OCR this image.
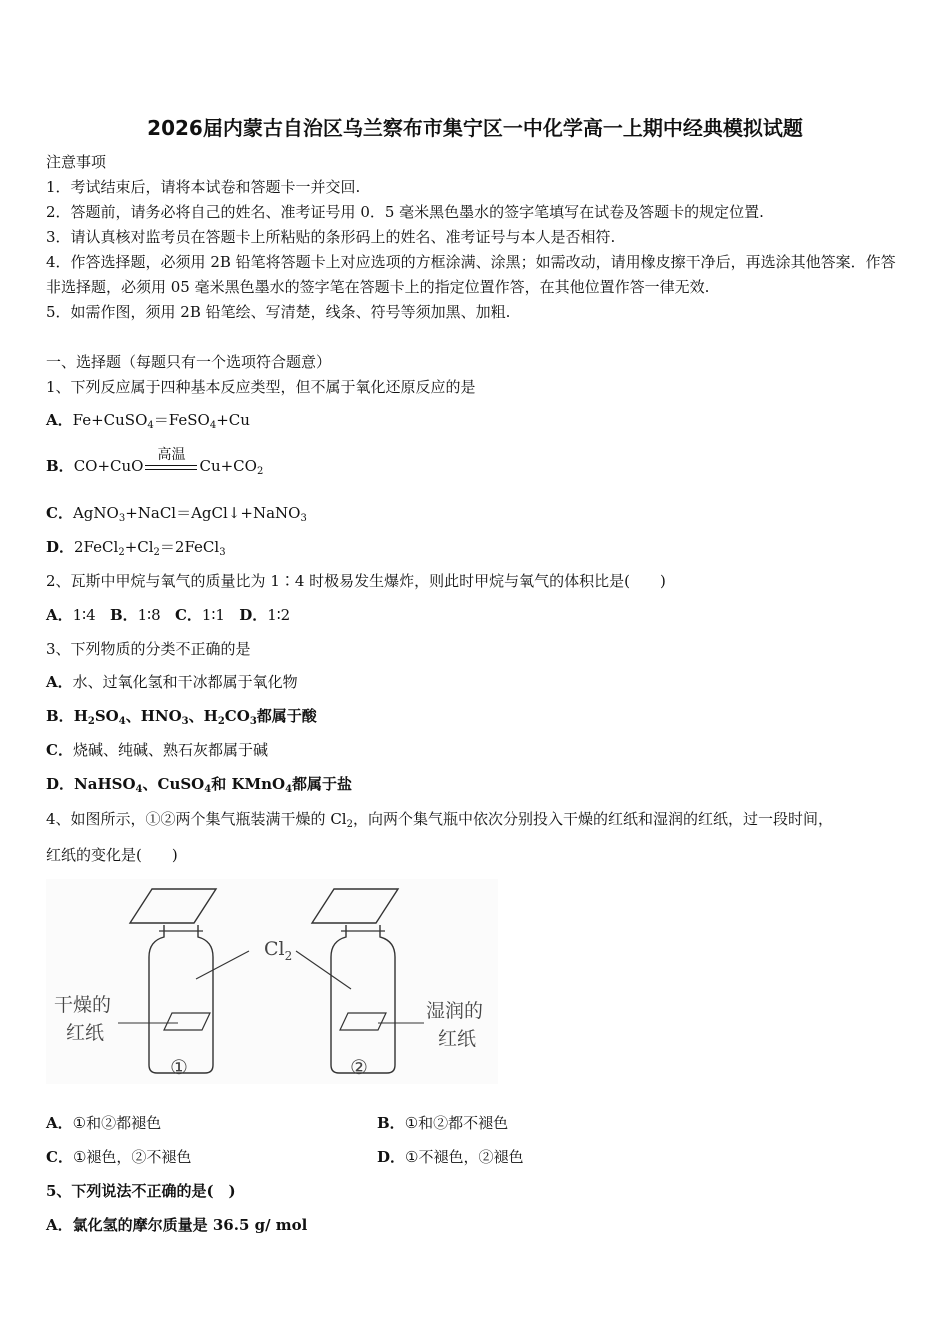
2026届内蒙古自治区乌兰察布市集宁区一中化学高一上期中经典模拟试题
注意事项
1．考试结束后，请将本试卷和答题卡一并交回.
2．答题前，请务必将自己的姓名、准考证号用 0．5 毫米黑色墨水的签字笔填写在试卷及答题卡的规定位置.
3．请认真核对监考员在答题卡上所粘贴的条形码上的姓名、准考证号与本人是否相符.
4．作答选择题，必须用 2B 铅笔将答题卡上对应选项的方框涂满、涂黑；如需改动，请用橡皮擦干净后，再选涂其他答案．作答非选择题，必须用 05 毫米黑色墨水的签字笔在答题卡上的指定位置作答，在其他位置作答一律无效.
5．如需作图，须用 2B 铅笔绘、写清楚，线条、符号等须加黑、加粗.
一、选择题（每题只有一个选项符合题意）
1、下列反应属于四种基本反应类型，但不属于氧化还原反应的是
A．Fe+CuSO$_4$＝FeSO$_4$+Cu
B．CO+CuO
高温
$Cu+CO_2$
C．AgNO$_3$+NaCl＝AgCl↓+NaNO$_3$
D．$2FeCl_2+Cl_2=2FeCl_3$
2、瓦斯中甲烷与氧气的质量比为 1∶4 时极易发生爆炸，则此时甲烷与氧气的体积比是(　　)
A．1∶4 B．1∶8 C．1∶1 D．1∶2
3、下列物质的分类不正确的是
A．水、过氧化氢和干冰都属于氧化物
B．$H_2SO_4$、$HNO_3$、$H_2CO_3$都属于酸
C．烧碱、纯碱、熟石灰都属于碱
D．NaHSO$_4$、CuSO$_4$和 KMnO$_4$都属于盐
4、如图所示，①②两个集气瓶装满干燥的 $Cl_2$，向两个集气瓶中依次分别投入干燥的红纸和湿润的红纸，过一段时间，
红纸的变化是(　　)
$Cl_2$
干燥的
红纸
湿润的
红纸
①	②
A．①和②都褪色	B．①和②都不褪色
C．①褪色，②不褪色	D．①不褪色，②褪色
5、下列说法不正确的是(　)
A．氯化氢的摩尔质量是 36.5 g/ mol
